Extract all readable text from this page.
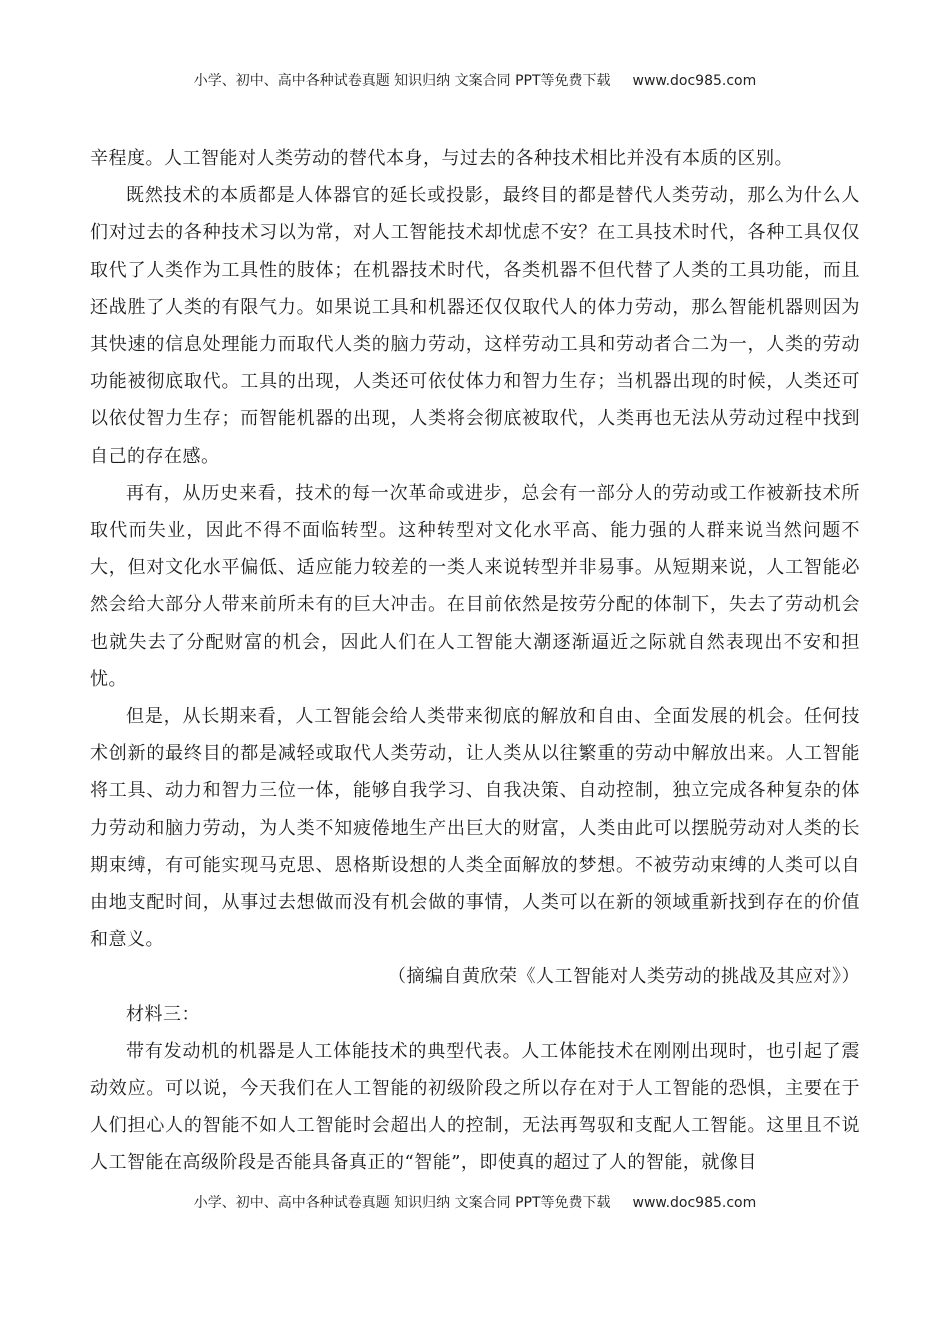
小学、初中、高中各种试卷真题 知识归纳 文案合同 PPT等免费下载 www.doc985.com

辛程度。人工智能对人类劳动的替代本身，与过去的各种技术相比并没有本质的区别。

既然技术的本质都是人体器官的延长或投影，最终目的都是替代人类劳动，那么为什么人们对过去的各种技术习以为常，对人工智能技术却忧虑不安？在工具技术时代，各种工具仅仅取代了人类作为工具性的肢体；在机器技术时代，各类机器不但代替了人类的工具功能，而且还战胜了人类的有限气力。如果说工具和机器还仅仅取代人的体力劳动，那么智能机器则因为其快速的信息处理能力而取代人类的脑力劳动，这样劳动工具和劳动者合二为一，人类的劳动功能被彻底取代。工具的出现，人类还可依仗体力和智力生存；当机器出现的时候，人类还可以依仗智力生存；而智能机器的出现，人类将会彻底被取代，人类再也无法从劳动过程中找到自己的存在感。

再有，从历史来看，技术的每一次革命或进步，总会有一部分人的劳动或工作被新技术所取代而失业，因此不得不面临转型。这种转型对文化水平高、能力强的人群来说当然问题不大，但对文化水平偏低、适应能力较差的一类人来说转型并非易事。从短期来说，人工智能必然会给大部分人带来前所未有的巨大冲击。在目前依然是按劳分配的体制下，失去了劳动机会也就失去了分配财富的机会，因此人们在人工智能大潮逐渐逼近之际就自然表现出不安和担忧。

但是，从长期来看，人工智能会给人类带来彻底的解放和自由、全面发展的机会。任何技术创新的最终目的都是减轻或取代人类劳动，让人类从以往繁重的劳动中解放出来。人工智能将工具、动力和智力三位一体，能够自我学习、自我决策、自动控制，独立完成各种复杂的体力劳动和脑力劳动，为人类不知疲倦地生产出巨大的财富，人类由此可以摆脱劳动对人类的长期束缚，有可能实现马克思、恩格斯设想的人类全面解放的梦想。不被劳动束缚的人类可以自由地支配时间，从事过去想做而没有机会做的事情，人类可以在新的领域重新找到存在的价值和意义。

（摘编自黄欣荣《人工智能对人类劳动的挑战及其应对》）

材料三：

带有发动机的机器是人工体能技术的典型代表。人工体能技术在刚刚出现时，也引起了震动效应。可以说，今天我们在人工智能的初级阶段之所以存在对于人工智能的恐惧，主要在于人们担心人的智能不如人工智能时会超出人的控制，无法再驾驭和支配人工智能。这里且不说人工智能在高级阶段是否能具备真正的“智能”，即使真的超过了人的智能，就像目

小学、初中、高中各种试卷真题 知识归纳 文案合同 PPT等免费下载 www.doc985.com
